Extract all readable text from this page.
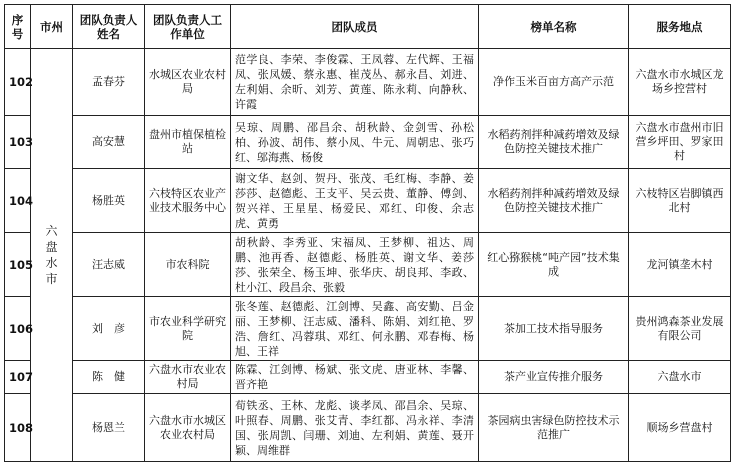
序号	市州	团队负责人姓名	团队负责人工作单位	团队成员	榜单名称	服务地点
102	六盘水市	孟春芬	水城区农业农村局	范学良、李荣、李俊霖、王凤蓉、左代辉、王福凤、张凤媛、蔡永惠、崔茂丛、郝永昌、刘进、左利娟、余昕、刘芳、黄莲、陈永莉、向静秋、许霞	净作玉米百亩方高产示范	六盘水市水城区龙场乡控营村
103		高安慧	盘州市植保植检站	吴琼、周鹏、邵昌余、胡秋龄、金剑雪、孙松柏、孙波、胡伟、蔡小凤、牛元、周朝忠、张巧红、邬海燕、杨俊	水稻药剂拌种减药增效及绿色防控关键技术推广	六盘水市盘州市旧营乡坪田、罗家田村
104		杨胜英	六枝特区农业产业技术服务中心	谢文华、赵剑、贺丹、张茂、毛红梅、李静、姜莎莎、赵德彪、王支平、吴云贵、董静、傅剑、贺兴祥、王星星、杨爱民、邓红、印俊、余志虎、黄勇	水稻药剂拌种减药增效及绿色防控关键技术推广	六枝特区岩脚镇西北村
105		汪志威	市农科院	胡秋龄、李秀亚、宋福凤、王梦柳、祖达、周鹏、池再香、赵德彪、杨胜英、谢文华、姜莎莎、张荣全、杨玉坤、张华庆、胡良邦、李政、杜小江、段昌余、张毅	红心猕猴桃“吨产园”技术集成	龙河镇垄木村
106		刘　彦	市农业科学研究院	张冬莲、赵德彪、江剑博、吴鑫、高安勤、吕金丽、王梦柳、汪志威、潘科、陈娟、刘红艳、罗浩、詹红、冯蓉琪、邓红、何永鹏、邓春梅、杨旭、王祥	茶加工技术指导服务	贵州鸿森茶业发展有限公司
107		陈　健	六盘水市农业农村局	陈霖、江剑博、杨斌、张文虎、唐亚林、李馨、晋齐艳	茶产业宣传推介服务	六盘水市
108		杨恩兰	六盘水市水城区农业农村局	荀铁丞、王林、龙彪、谈孝凤、邵昌余、吴琼、叶照春、周鹏、张艾青、李红都、冯永祥、李清国、张周凯、闫珊、刘迪、左利娟、黄莲、聂开颖、周维群	茶园病虫害绿色防控技术示范推广	顺场乡营盘村
